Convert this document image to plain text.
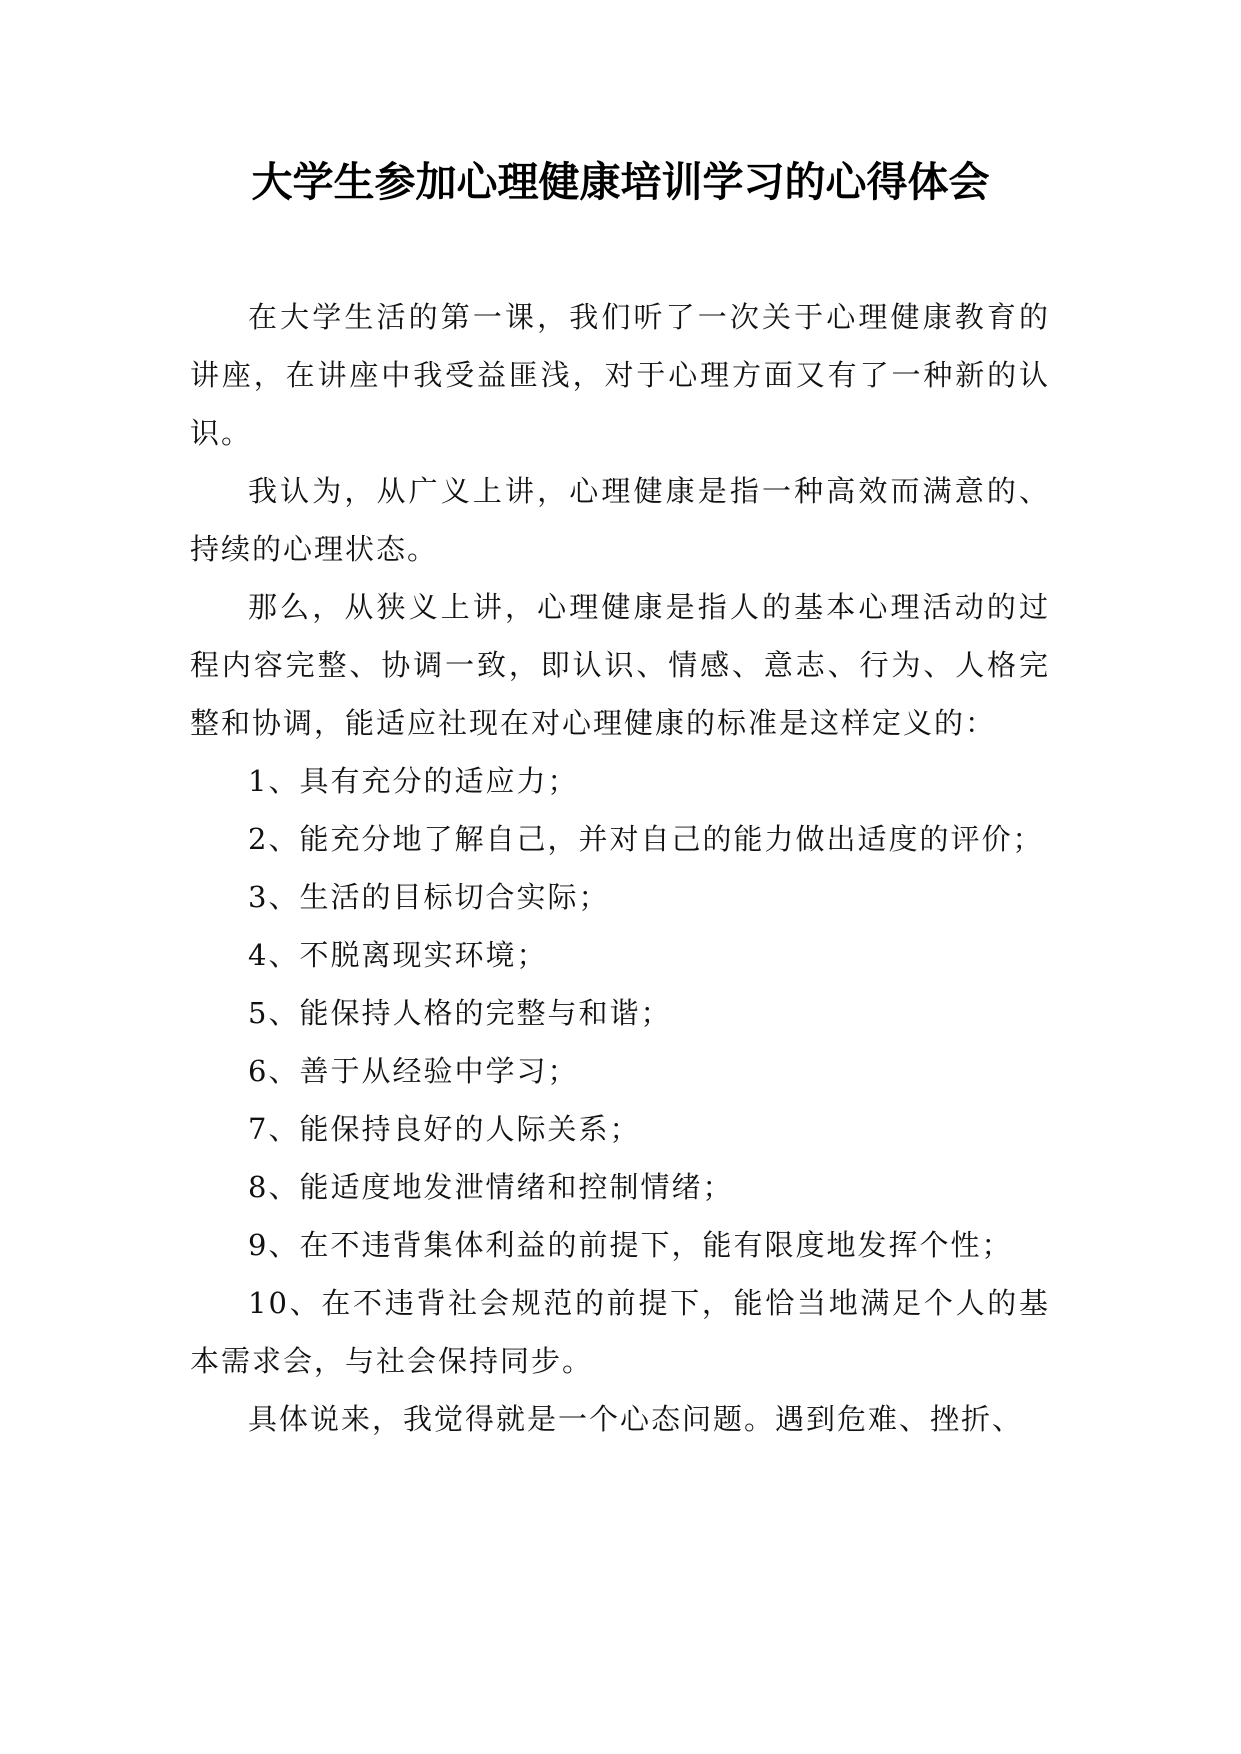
大学生参加心理健康培训学习的心得体会

在大学生活的第一课，我们听了一次关于心理健康教育的讲座，在讲座中我受益匪浅，对于心理方面又有了一种新的认识。

我认为，从广义上讲，心理健康是指一种高效而满意的、持续的心理状态。

那么，从狭义上讲，心理健康是指人的基本心理活动的过程内容完整、协调一致，即认识、情感、意志、行为、人格完整和协调，能适应社现在对心理健康的标准是这样定义的：

1、具有充分的适应力；

2、能充分地了解自己，并对自己的能力做出适度的评价；

3、生活的目标切合实际；

4、不脱离现实环境；

5、能保持人格的完整与和谐；

6、善于从经验中学习；

7、能保持良好的人际关系；

8、能适度地发泄情绪和控制情绪；

9、在不违背集体利益的前提下，能有限度地发挥个性；

10、在不违背社会规范的前提下，能恰当地满足个人的基本需求会，与社会保持同步。

具体说来，我觉得就是一个心态问题。遇到危难、挫折、
